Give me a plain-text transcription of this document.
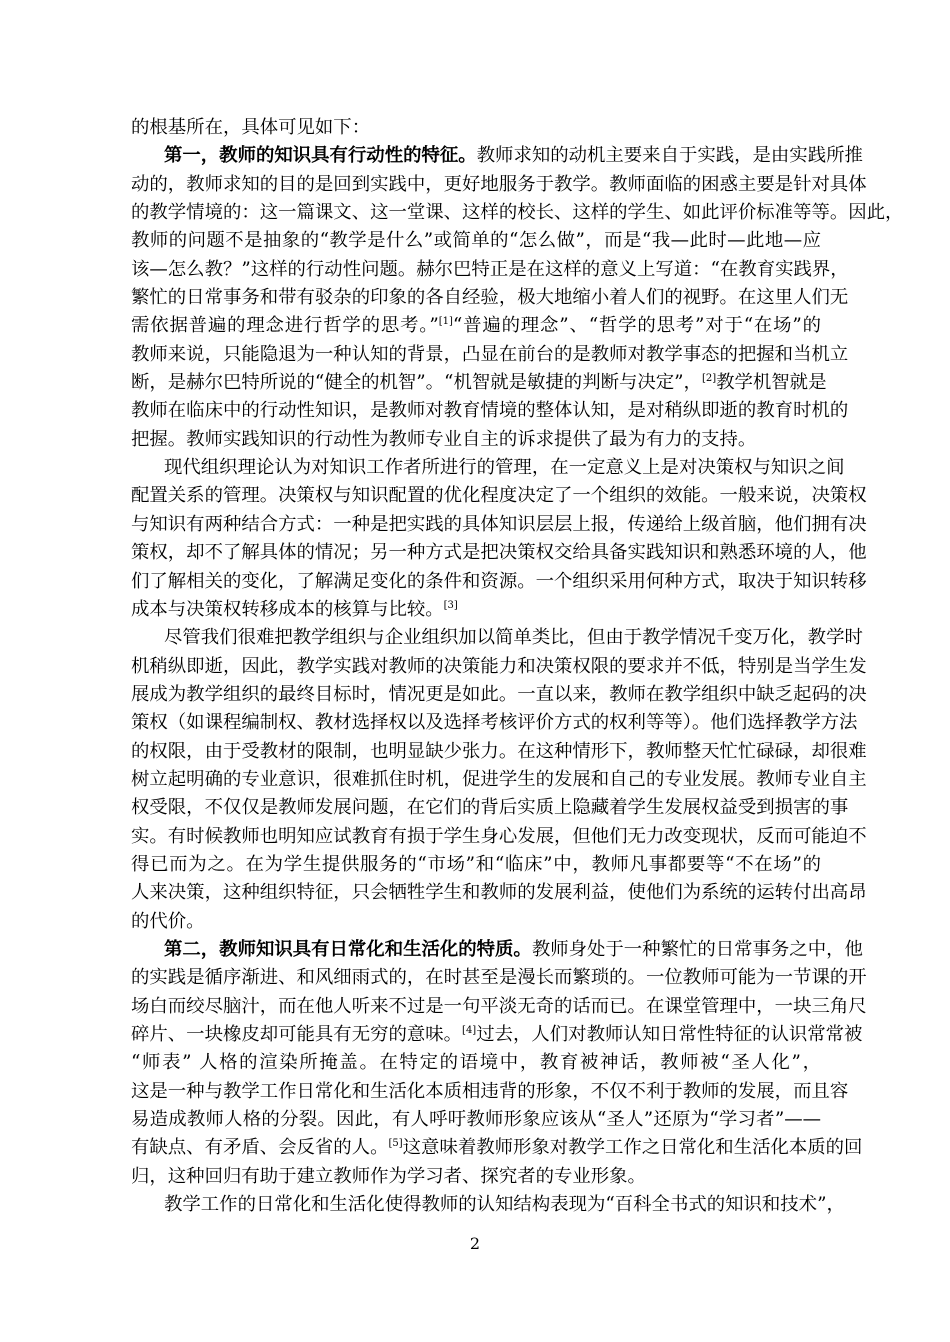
的根基所在，具体可见如下：
第一，教师的知识具有行动性的特征。教师求知的动机主要来自于实践，是由实践所推
动的，教师求知的目的是回到实践中，更好地服务于教学。教师面临的困惑主要是针对具体
的教学情境的：这一篇课文、这一堂课、这样的校长、这样的学生、如此评价标准等等。因此，
教师的问题不是抽象的“教学是什么”或简单的“怎么做”，而是“我—此时—此地—应
该—怎么教？”这样的行动性问题。赫尔巴特正是在这样的意义上写道：“在教育实践界，
繁忙的日常事务和带有驳杂的印象的各自经验，极大地缩小着人们的视野。在这里人们无
需依据普遍的理念进行哲学的思考。”[1]“普遍的理念”、“哲学的思考”对于“在场”的
教师来说，只能隐退为一种认知的背景，凸显在前台的是教师对教学事态的把握和当机立
断，是赫尔巴特所说的“健全的机智”。“机智就是敏捷的判断与决定”，[2]教学机智就是
教师在临床中的行动性知识，是教师对教育情境的整体认知，是对稍纵即逝的教育时机的
把握。教师实践知识的行动性为教师专业自主的诉求提供了最为有力的支持。
现代组织理论认为对知识工作者所进行的管理，在一定意义上是对决策权与知识之间
配置关系的管理。决策权与知识配置的优化程度决定了一个组织的效能。一般来说，决策权
与知识有两种结合方式：一种是把实践的具体知识层层上报，传递给上级首脑，他们拥有决
策权，却不了解具体的情况；另一种方式是把决策权交给具备实践知识和熟悉环境的人，他
们了解相关的变化，了解满足变化的条件和资源。一个组织采用何种方式，取决于知识转移
成本与决策权转移成本的核算与比较。[3]
尽管我们很难把教学组织与企业组织加以简单类比，但由于教学情况千变万化，教学时
机稍纵即逝，因此，教学实践对教师的决策能力和决策权限的要求并不低，特别是当学生发
展成为教学组织的最终目标时，情况更是如此。一直以来，教师在教学组织中缺乏起码的决
策权（如课程编制权、教材选择权以及选择考核评价方式的权利等等）。他们选择教学方法
的权限，由于受教材的限制，也明显缺少张力。在这种情形下，教师整天忙忙碌碌，却很难
树立起明确的专业意识，很难抓住时机，促进学生的发展和自己的专业发展。教师专业自主
权受限，不仅仅是教师发展问题，在它们的背后实质上隐藏着学生发展权益受到损害的事
实。有时候教师也明知应试教育有损于学生身心发展，但他们无力改变现状，反而可能迫不
得已而为之。在为学生提供服务的“市场”和“临床”中，教师凡事都要等“不在场”的
人来决策，这种组织特征，只会牺牲学生和教师的发展利益，使他们为系统的运转付出高昂
的代价。
第二，教师知识具有日常化和生活化的特质。教师身处于一种繁忙的日常事务之中，他
的实践是循序渐进、和风细雨式的，在时甚至是漫长而繁琐的。一位教师可能为一节课的开
场白而绞尽脑汁，而在他人听来不过是一句平淡无奇的话而已。在课堂管理中，一块三角尺
碎片、一块橡皮却可能具有无穷的意味。[4]过去，人们对教师认知日常性特征的认识常常被
“师表” 人格的渲染所掩盖。在特定的语境中，教育被神话，教师被“圣人化”，
这是一种与教学工作日常化和生活化本质相违背的形象，不仅不利于教师的发展，而且容
易造成教师人格的分裂。因此，有人呼吁教师形象应该从“圣人”还原为“学习者”——
有缺点、有矛盾、会反省的人。[5]这意味着教师形象对教学工作之日常化和生活化本质的回
归，这种回归有助于建立教师作为学习者、探究者的专业形象。
教学工作的日常化和生活化使得教师的认知结构表现为“百科全书式的知识和技术”，
2
